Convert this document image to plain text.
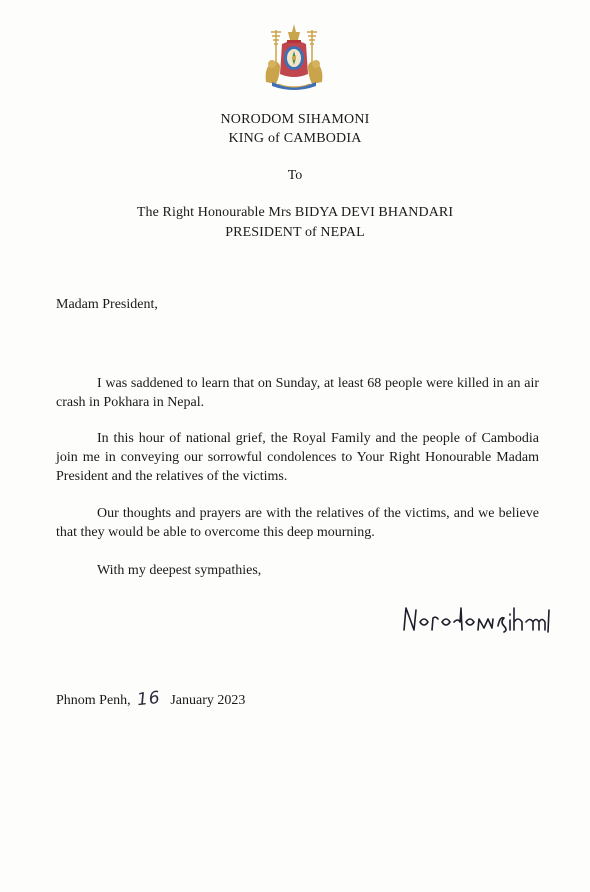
NORODOM SIHAMONI
KING of CAMBODIA
To
The Right Honourable Mrs BIDYA DEVI BHANDARI
PRESIDENT of NEPAL
Madam President,

I was saddened to learn that on Sunday, at least 68 people were killed in an air crash in Pokhara in Nepal.

In this hour of national grief, the Royal Family and the people of Cambodia join me in conveying our sorrowful condolences to Your Right Honourable Madam President and the relatives of the victims.

Our thoughts and prayers are with the relatives of the victims, and we believe that they would be able to overcome this deep mourning.

With my deepest sympathies,
Phnom Penh, 16 January 2023
